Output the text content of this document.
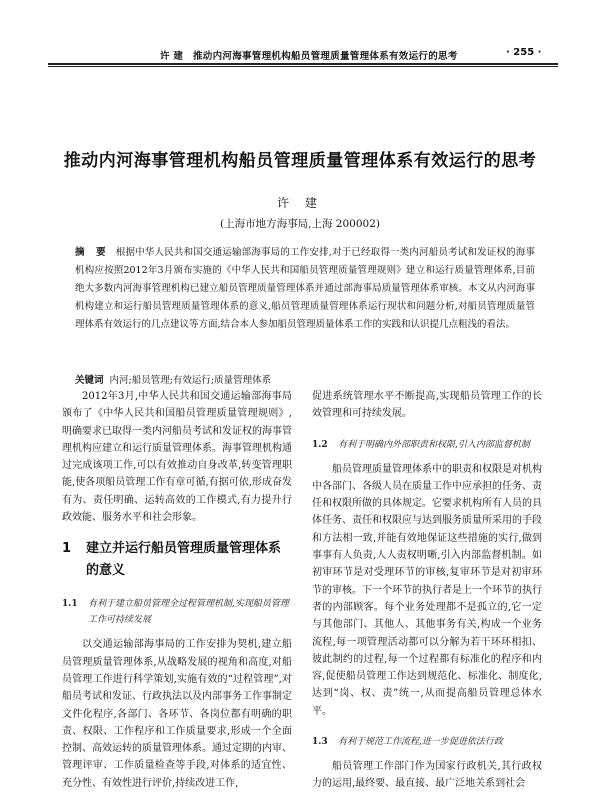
许 建　推动内河海事管理机构船员管理质量管理体系有效运行的思考	· 255 ·
推动内河海事管理机构船员管理质量管理体系有效运行的思考
许 建
(上海市地方海事局,上海 200002)
摘 要 根据中华人民共和国交通运输部海事局的工作安排,对于已经取得一类内河船员考试和发证权的海事机构应按照2012年3月颁布实施的《中华人民共和国船员管理质量管理规则》建立和运行质量管理体系,目前绝大多数内河海事管理机构已建立船员管理质量管理体系并通过部海事局质量管理体系审核。本文从内河海事机构建立和运行船员管理质量管理体系的意义,船员管理质量管理体系运行现状和问题分析,对船员管理质量管理体系有效运行的几点建议等方面,结合本人参加船员管理质量体系工作的实践和认识提几点粗浅的看法。
关键词 内河;船员管理;有效运行;质量管理体系

2012年3月,中华人民共和国交通运输部海事局颁布了《中华人民共和国船员管理质量管理规则》,明确要求已取得一类内河船员考试和发证权的海事管理机构应建立和运行质量管理体系。海事管理机构通过完成该项工作,可以有效推动自身改革,转变管理职能,使各项船员管理工作有章可循,有据可依,形成奋发有为、责任明确、运转高效的工作模式,有力提升行政效能、服务水平和社会形象。

1	建立并运行船员管理质量管理体系的意义
1.1	有利于建立船员管理全过程管理机制,实现船员管理工作可持续发展

以交通运输部海事局的工作安排为契机,建立船员管理质量管理体系,从战略发展的视角和高度,对船员管理工作进行科学策划,实施有效的“过程管理”,对船员考试和发证、行政执法以及内部事务工作事制定文件化程序,各部门、各环节、各岗位都有明确的职责、权限、工作程序和工作质量要求,形成一个全面控制、高效运转的质量管理体系。通过定期的内审、管理评审、工作质量检查等手段,对体系的适宜性、充分性、有效性进行评价,持续改进工作,

促进系统管理水平不断提高,实现船员管理工作的长效管理和可持续发展。

1.2	有利于明确内外部职责和权限,引入内部监督机制

船员管理质量管理体系中的职责和权限是对机构中各部门、各级人员在质量工作中应承担的任务、责任和权限所做的具体规定。它要求机构所有人员的具体任务、责任和权限应与达到服务质量所采用的手段和方法相一致,并能有效地保证这些措施的实行,做到事事有人负责,人人责权明晰,引入内部监督机制。如初审环节是对受理环节的审核,复审环节是对初审环节的审核。下一个环节的执行者是上一个环节的执行者的内部顾客。每个业务处理都不是孤立的,它一定与其他部门、其他人、其他事务有关,构成一个业务流程,每一项管理活动都可以分解为若干环环相扣、彼此制约的过程,每一个过程都有标准化的程序和内容,促使船员管理工作达到规范化、标准化、制度化,达到“岗、权、责”统一,从而提高船员管理总体水平。

1.3	有利于规范工作流程,进一步促进依法行政

船员管理工作部门作为国家行政机关,其行政权力的运用,最终要、最直接、最广泛地关系到社会
